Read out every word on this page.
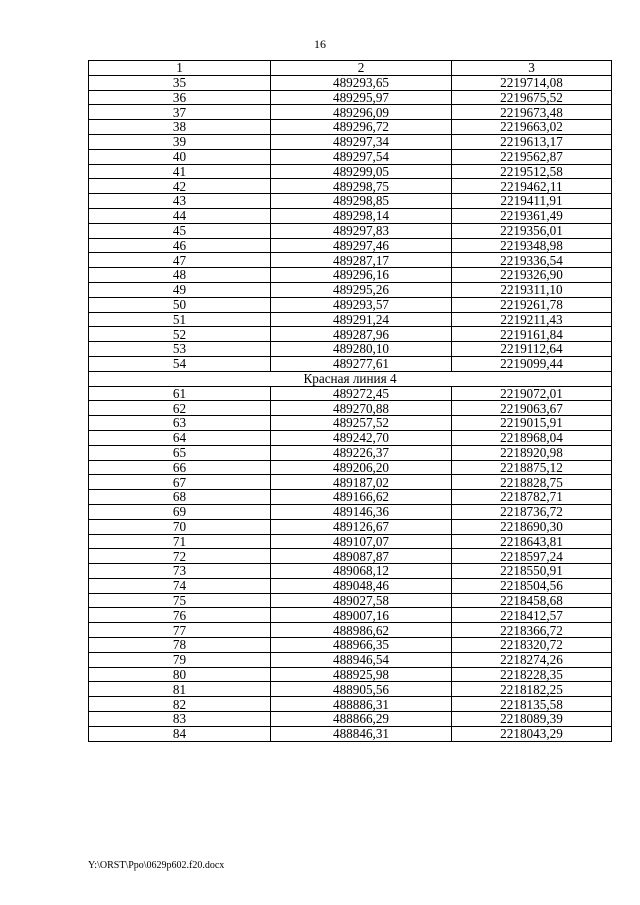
16
1	2	3
35	489293,65	2219714,08
36	489295,97	2219675,52
37	489296,09	2219673,48
38	489296,72	2219663,02
39	489297,34	2219613,17
40	489297,54	2219562,87
41	489299,05	2219512,58
42	489298,75	2219462,11
43	489298,85	2219411,91
44	489298,14	2219361,49
45	489297,83	2219356,01
46	489297,46	2219348,98
47	489287,17	2219336,54
48	489296,16	2219326,90
49	489295,26	2219311,10
50	489293,57	2219261,78
51	489291,24	2219211,43
52	489287,96	2219161,84
53	489280,10	2219112,64
54	489277,61	2219099,44
Красная линия 4		
61	489272,45	2219072,01
62	489270,88	2219063,67
63	489257,52	2219015,91
64	489242,70	2218968,04
65	489226,37	2218920,98
66	489206,20	2218875,12
67	489187,02	2218828,75
68	489166,62	2218782,71
69	489146,36	2218736,72
70	489126,67	2218690,30
71	489107,07	2218643,81
72	489087,87	2218597,24
73	489068,12	2218550,91
74	489048,46	2218504,56
75	489027,58	2218458,68
76	489007,16	2218412,57
77	488986,62	2218366,72
78	488966,35	2218320,72
79	488946,54	2218274,26
80	488925,98	2218228,35
81	488905,56	2218182,25
82	488886,31	2218135,58
83	488866,29	2218089,39
84	488846,31	2218043,29
Y:\ORST\Ppo\0629p602.f20.docx
